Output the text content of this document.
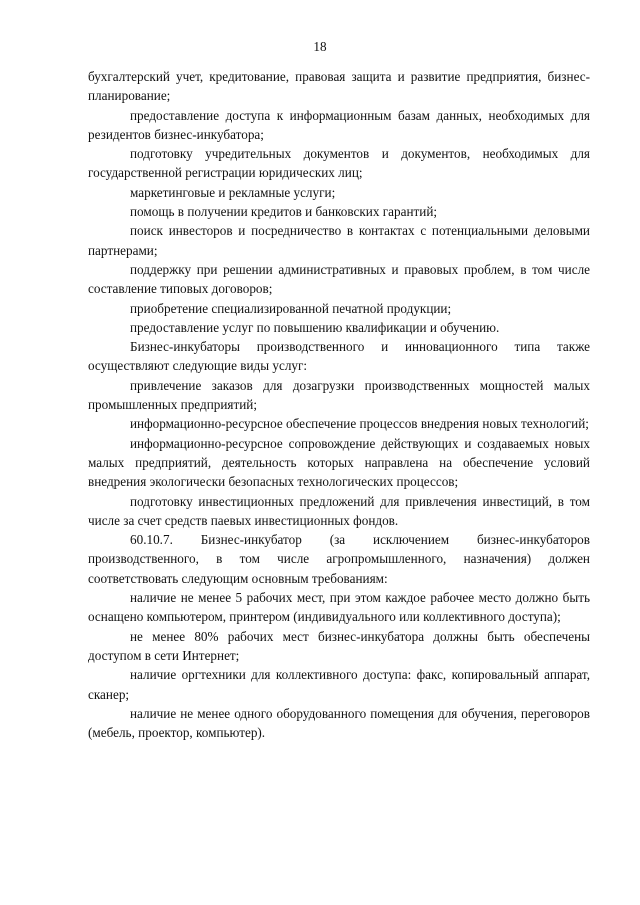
18

бухгалтерский учет, кредитование, правовая защита и развитие предприятия, бизнес-планирование;

предоставление доступа к информационным базам данных, необходимых для резидентов бизнес-инкубатора;

подготовку учредительных документов и документов, необходимых для государственной регистрации юридических лиц;

маркетинговые и рекламные услуги;

помощь в получении кредитов и банковских гарантий;

поиск инвесторов и посредничество в контактах с потенциальными деловыми партнерами;

поддержку при решении административных и правовых проблем, в том числе составление типовых договоров;

приобретение специализированной печатной продукции;

предоставление услуг по повышению квалификации и обучению.

Бизнес-инкубаторы производственного и инновационного типа также осуществляют следующие виды услуг:

привлечение заказов для дозагрузки производственных мощностей малых промышленных предприятий;

информационно-ресурсное обеспечение процессов внедрения новых технологий;

информационно-ресурсное сопровождение действующих и создаваемых новых малых предприятий, деятельность которых направлена на обеспечение условий внедрения экологически безопасных технологических процессов;

подготовку инвестиционных предложений для привлечения инвестиций, в том числе за счет средств паевых инвестиционных фондов.

60.10.7. Бизнес-инкубатор (за исключением бизнес-инкубаторов производственного, в том числе агропромышленного, назначения) должен соответствовать следующим основным требованиям:

наличие не менее 5 рабочих мест, при этом каждое рабочее место должно быть оснащено компьютером, принтером (индивидуального или коллективного доступа);

не менее 80% рабочих мест бизнес-инкубатора должны быть обеспечены доступом в сети Интернет;

наличие оргтехники для коллективного доступа: факс, копировальный аппарат, сканер;

наличие не менее одного оборудованного помещения для обучения, переговоров (мебель, проектор, компьютер).
